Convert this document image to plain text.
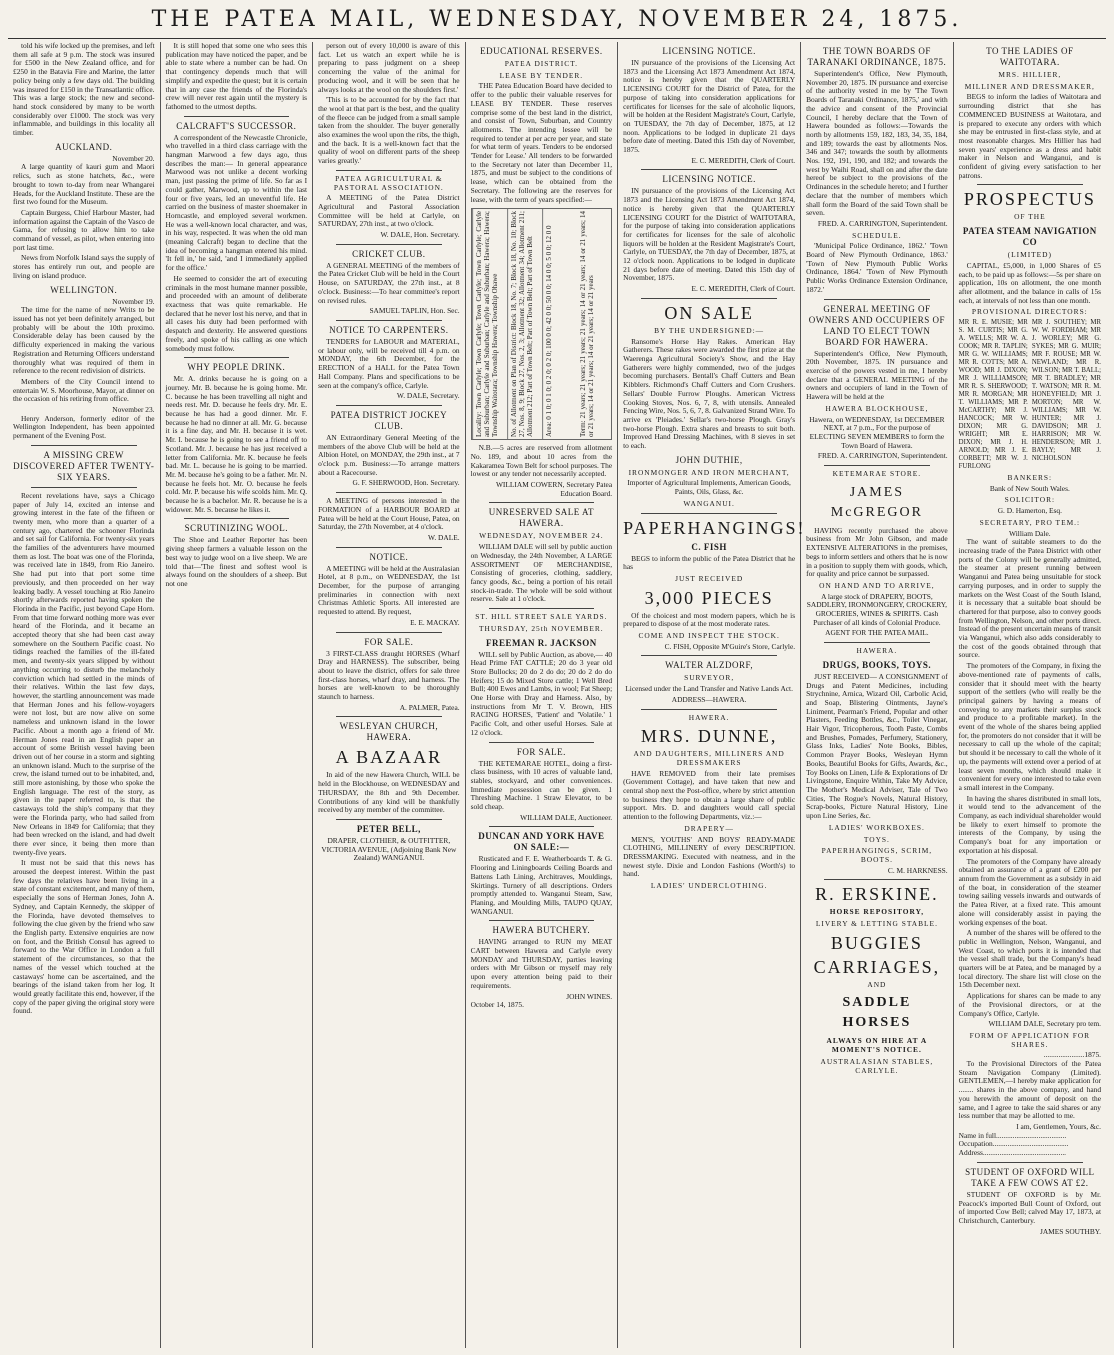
THE PATEA MAIL, WEDNESDAY, NOVEMBER 24, 1875.

told his wife locked up the premises, and left them all safe at 9 p.m. The stock was insured for £500 in the New Zealand office, and for £250 in the Batavia Fire and Marine, the latter policy being only a few days old. The building was insured for £150 in the Transatlantic office. This was a large stock; the new and second-hand stock considered by many to be worth considerably over £1000. The stock was very inflammable, and buildings in this locality all timber.

AUCKLAND.
November 20.

A large quantity of kauri gum and Maori relics, such as stone hatchets, &c., were brought to town to-day from near Whangarei Heads, for the Auckland Institute. These are the first two found for the Museum.

Captain Burgess, Chief Harbour Master, had information against the Captain of the Vasco de Gama, for refusing to allow him to take command of vessel, as pilot, when entering into port last time.

News from Norfolk Island says the supply of stores has entirely run out, and people are living on island produce.

WELLINGTON.
November 19.

The time for the name of new Writs to be issued has not yet been definitely arranged, but probably will be about the 10th proximo. Considerable delay has been caused by the difficulty experienced in making the various Registration and Returning Officers understand thoroughly what was required of them in reference to the recent redivision of districts.

Members of the City Council intend to entertain W. S. Moorhouse, Mayor, at dinner on the occasion of his retiring from office.

November 23.

Henry Anderson, formerly editor of the Wellington Independent, has been appointed permanent of the Evening Post.

A MISSING CREW DISCOVERED AFTER TWENTY-SIX YEARS.

Recent revelations have, says a Chicago paper of July 14, excited an intense and growing interest in the fate of the fifteen or twenty men, who more than a quarter of a century ago, chartered the schooner Florinda and set sail for California. For twenty-six years the families of the adventurers have mourned them as lost. The boat was one of the Florinda, was received late in 1849, from Rio Janeiro. She had put into that port some time previously, and then proceeded on her way leaking badly. A vessel touching at Rio Janeiro shortly afterwards reported having spoken the Florinda in the Pacific, just beyond Cape Horn. From that time forward nothing more was ever heard of the Florinda, and it became an accepted theory that she had been cast away somewhere on the Southern Pacific coast. No tidings reached the families of the ill-fated men, and twenty-six years slipped by without anything occurring to disturb the melancholy conviction which had settled in the minds of their relatives. Within the last few days, however, the startling announcement was made that Herman Jones and his fellow-voyagers were not lost, but are now alive on some nameless and unknown island in the lower Pacific. About a month ago a friend of Mr. Herman Jones read in an English paper an account of some British vessel having been driven out of her course in a storm and sighting an unknown island. Much to the surprise of the crew, the island turned out to be inhabited, and, still more astonishing, by those who spoke the English language. The rest of the story, as given in the paper referred to, is that the castaways told the ship's company that they were the Florinda party, who had sailed from New Orleans in 1849 for California; that they had been wrecked on the island, and had dwelt there ever since, it being then more than twenty-five years.

It must not be said that this news has aroused the deepest interest. Within the past few days the relatives have been living in a state of constant excitement, and many of them, especially the sons of Herman Jones, John A. Sydney, and Captain Kennedy, the skipper of the Florinda, have devoted themselves to following the clue given by the friend who saw the English party. Extensive enquiries are now on foot, and the British Consul has agreed to forward to the War Office in London a full statement of the circumstances, so that the names of the vessel which touched at the castaways' home can be ascertained, and the bearings of the island taken from her log. It would greatly facilitate this end, however, if the copy of the paper giving the original story were found.

It is still hoped that some one who sees this publication may have noticed the paper, and be able to state where a number can be had. On that contingency depends much that will simplify and expedite the quest; but it is certain that in any case the friends of the Florinda's crew will never rest again until the mystery is fathomed to the utmost depths.

CALCRAFT'S SUCCESSOR.

A correspondent of the Newcastle Chronicle, who travelled in a third class carriage with the hangman Marwood a few days ago, thus describes the man:— In general appearance Marwood was not unlike a decent working man, just passing the prime of life. So far as I could gather, Marwood, up to within the last four or five years, led an uneventful life. He carried on the business of master shoemaker in Horncastle, and employed several workmen. He was a well-known local character, and was, in his way, respected. It was when the old man (meaning Calcraft) began to decline that the idea of becoming a hangman entered his mind. 'It fell in,' he said, 'and I immediately applied for the office.'

He seemed to consider the art of executing criminals in the most humane manner possible, and proceeded with an amount of deliberate exactness that was quite remarkable. He declared that he never lost his nerve, and that in all cases his duty had been performed with despatch and dexterity. He answered questions freely, and spoke of his calling as one which somebody must follow.

WHY PEOPLE DRINK.

Mr. A. drinks because he is going on a journey. Mr. B. because he is going home. Mr. C. because he has been travelling all night and needs rest. Mr. D. because he feels dry. Mr. E. because he has had a good dinner. Mr. F. because he had no dinner at all. Mr. G. because it is a fine day, and Mr. H. because it is wet. Mr. I. because he is going to see a friend off to Scotland. Mr. J. because he has just received a letter from California. Mr. K. because he feels bad. Mr. L. because he is going to be married. Mr. M. because he's going to be a father. Mr. N. because he feels hot. Mr. O. because he feels cold. Mr. P. because his wife scolds him. Mr. Q. because he is a bachelor. Mr. R. because he is a widower. Mr. S. because he likes it.

SCRUTINIZING WOOL.

The Shoe and Leather Reporter has been giving sheep farmers a valuable lesson on the best way to judge wool on a live sheep. We are told that—'The finest and softest wool is always found on the shoulders of a sheep. But not one

person out of every 10,000 is aware of this fact. Let us watch an expert while he is preparing to pass judgment on a sheep concerning the value of the animal for producing wool, and it will be seen that he always looks at the wool on the shoulders first.'

'This is to be accounted for by the fact that the wool at that part is the best, and the quality of the fleece can be judged from a small sample taken from the shoulder. The buyer generally also examines the wool upon the ribs, the thigh, and the back. It is a well-known fact that the quality of wool on different parts of the sheep varies greatly.'

PATEA AGRICULTURAL & PASTORAL ASSOCIATION.

A MEETING of the Patea District Agricultural and Pastoral Association Committee will be held at Carlyle, on SATURDAY, 27th inst., at two o'clock.

W. DALE, Hon. Secretary.
CRICKET CLUB.

A GENERAL MEETING of the members of the Patea Cricket Club will be held in the Court House, on SATURDAY, the 27th inst., at 8 o'clock. Business:—To hear committee's report on revised rules.

SAMUEL TAPLIN, Hon. Sec.
NOTICE TO CARPENTERS.

TENDERS for LABOUR and MATERIAL, or labour only, will be received till 4 p.m. on MONDAY, the 6th December, for the ERECTION of a HALL for the Patea Town Hall Company. Plans and specifications to be seen at the company's office, Carlyle.

W. DALE, Secretary.
PATEA DISTRICT JOCKEY CLUB.

AN Extraordinary General Meeting of the members of the above Club will be held at the Albion Hotel, on MONDAY, the 29th inst., at 7 o'clock p.m. Business:—To arrange matters about a Racecourse.

G. F. SHERWOOD, Hon. Secretary.

A MEETING of persons interested in the FORMATION of a HARBOUR BOARD at Patea will be held at the Court House, Patea, on Saturday, the 27th November, at 4 o'clock.

W. DALE.
NOTICE.

A MEETING will be held at the Australasian Hotel, at 8 p.m., on WEDNESDAY, the 1st December, for the purpose of arranging preliminaries in connection with next Christmas Athletic Sports. All interested are requested to attend. By request,

E. E. MACKAY.
FOR SALE.

3 FIRST-CLASS draught HORSES (Wharf Dray and HARNESS). The subscriber, being about to leave the district, offers for sale three first-class horses, wharf dray, and harness. The horses are well-known to be thoroughly staunch to harness.

A. PALMER, Patea.
WESLEYAN CHURCH, HAWERA.
A BAZAAR

In aid of the new Hawera Church, WILL be held in the Blockhouse, on WEDNESDAY and THURSDAY, the 8th and 9th December. Contributions of any kind will be thankfully received by any member of the committee.

PETER BELL,

DRAPER, CLOTHIER, & OUTFITTER, VICTORIA AVENUE, (Adjoining Bank New Zealand) WANGANUI.

EDUCATIONAL RESERVES.
PATEA DISTRICT.
LEASE BY TENDER.

THE Patea Education Board have decided to offer to the public their valuable reserves for LEASE BY TENDER. These reserves comprise some of the best land in the district, and consist of Town, Suburban, and Country allotments. The intending lessee will be required to tender at per acre per year, and state for what term of years. Tenders to be endorsed 'Tender for Lease.' All tenders to be forwarded to the Secretary not later than December 11, 1875, and must be subject to the conditions of lease, which can be obtained from the Secretary. The following are the reserves for lease, with the term of years specified:—

Locality: Town Carlyle; Town Carlyle; Town Carlyle; Town Carlyle; Carlyle and Suburban; Carlyle and Suburban; Carlyle and Suburban; Hawera; Hawera; Township Waitotara; Township Hawera; Township Ohawe	No. of Allotment on Plan of District: Block 18, No. 7; Block 18, No. 10; Block 27, Nos. 8, 9; Block 27, Nos. 2, 3; Allotment 32; Allotment 34; Allotment 211; Allotment 212; Part of Town Belt; Part of Town Belt; Part of Town Belt	Area: 0 1 0; 0 1 0; 0 2 0; 0 2 0; 100 0 0; 42 0 0; 50 0 0; 14 0 0; 5 0 0; 12 0 0	Term: 21 years; 21 years; 21 years; 21 years; 14 or 21 years; 14 or 21 years; 14 or 21 years; 14 or 21 years; 14 or 21 years; 14 or 21 years

N.B.—5 acres are reserved from allotment No. 189, and about 10 acres from the Kakaramea Town Belt for school purposes. The lowest or any tender not necessarily accepted.

WILLIAM COWERN, Secretary Patea Education Board.
UNRESERVED SALE AT HAWERA.
WEDNESDAY, NOVEMBER 24.

WILLIAM DALE will sell by public auction on Wednesday, the 24th November, A LARGE ASSORTMENT OF MERCHANDISE, Consisting of groceries, clothing, saddlery, fancy goods, &c., being a portion of his retail stock-in-trade. The whole will be sold without reserve. Sale at 1 o'clock.

ST. HILL STREET SALE YARDS.
THURSDAY, 25th NOVEMBER.
FREEMAN R. JACKSON

WILL sell by Public Auction, as above,— 40 Head Prime FAT CATTLE; 20 do 3 year old Store Bullocks; 20 do 2 do do; 20 do 2 do do Heifers; 15 do Mixed Store cattle; 1 Well Bred Bull; 400 Ewes and Lambs, in wool; Fat Sheep; One Horse with Dray and Harness. Also, by instructions from Mr T. V. Brown, HIS RACING HORSES, 'Patient' and 'Volatile.' 1 Pacific Colt, and other useful Horses. Sale at 12 o'clock.

FOR SALE.

THE KETEMARAE HOTEL, doing a first-class business, with 10 acres of valuable land, stables, stockyard, and other conveniences. Immediate possession can be given. 1 Threshing Machine. 1 Straw Elevator, to be sold cheap.

WILLIAM DALE, Auctioneer.
DUNCAN AND YORK HAVE ON SALE:—

Rusticated and F. E. Weatherboards T. & G. Flooring and Liningboards Ceiling Boards and Battens Lath Lining, Architraves, Mouldings, Skirtings. Turnery of all descriptions. Orders promptly attended to. Wanganui Steam, Saw, Planing, and Moulding Mills, TAUPO QUAY, WANGANUI.

HAWERA BUTCHERY.

HAVING arranged to RUN my MEAT CART between Hawera and Carlyle every MONDAY and THURSDAY, parties leaving orders with Mr Gibson or myself may rely upon every attention being paid to their requirements.

JOHN WINES.
October 14, 1875.
LICENSING NOTICE.

IN pursuance of the provisions of the Licensing Act 1873 and the Licensing Act 1873 Amendment Act 1874, notice is hereby given that the QUARTERLY LICENSING COURT for the District of Patea, for the purpose of taking into consideration applications for certificates for licenses for the sale of alcoholic liquors, will be holden at the Resident Magistrate's Court, Carlyle, on TUESDAY, the 7th day of December, 1875, at 12 noon. Applications to be lodged in duplicate 21 days before date of meeting. Dated this 15th day of November, 1875.

E. C. MEREDITH, Clerk of Court.
LICENSING NOTICE.

IN pursuance of the provisions of the Licensing Act 1873 and the Licensing Act 1873 Amendment Act 1874, notice is hereby given that the QUARTERLY LICENSING COURT for the District of WAITOTARA, for the purpose of taking into consideration applications for certificates for licenses for the sale of alcoholic liquors will be holden at the Resident Magistrate's Court, Carlyle, on TUESDAY, the 7th day of December, 1875, at 12 o'clock noon. Applications to be lodged in duplicate 21 days before date of meeting. Dated this 15th day of November, 1875.

E. C. MEREDITH, Clerk of Court.
ON SALE
BY THE UNDERSIGNED:—

Ransome's Horse Hay Rakes. American Hay Gatherers. These rakes were awarded the first prize at the Waerenga Agricultural Society's Show, and the Hay Gatherers were highly commended, two of the judges becoming purchasers. Bentall's Chaff Cutters and Bean Kibblers. Richmond's Chaff Cutters and Corn Crushers. Sellars' Double Furrow Ploughs. American Victress Cooking Stoves, Nos. 6, 7, 8, with utensils. Annealed Fencing Wire, Nos. 5, 6, 7, 8. Galvanized Strand Wire. To arrive ex 'Pleiades.' Sellar's two-horse Plough. Gray's two-horse Plough. Extra shares and breasts to suit both. Improved Hand Dressing Machines, with 8 sieves in set to each.

JOHN DUTHIE,
IRONMONGER AND IRON MERCHANT,

Importer of Agricultural Implements, American Goods, Paints, Oils, Glass, &c.

WANGANUI.
PAPERHANGINGS!
C. FISH

BEGS to inform the public of the Patea District that he has

JUST RECEIVED
3,000 PIECES

Of the choicest and most modern papers, which he is prepared to dispose of at the most moderate rates.

COME AND INSPECT THE STOCK.
C. FISH, Opposite M'Guire's Store, Carlyle.
WALTER ALZDORF,
SURVEYOR,

Licensed under the Land Transfer and Native Lands Act.

ADDRESS—HAWERA.
HAWERA.
MRS. DUNNE,
AND DAUGHTERS, MILLINERS AND DRESSMAKERS

HAVE REMOVED from their late premises (Government Cottage), and have taken that new and central shop next the Post-office, where by strict attention to business they hope to obtain a large share of public support. Mrs. D. and daughters would call special attention to the following Departments, viz.:—

DRAPERY—

MEN'S, YOUTHS' AND BOYS' READY-MADE CLOTHING, MILLINERY of every DESCRIPTION. DRESSMAKING. Executed with neatness, and in the newest style. Dixie and London Fashions (Worth's) to hand.

LADIES' UNDERCLOTHING.
THE TOWN BOARDS OF TARANAKI ORDINANCE, 1875.

Superintendent's Office, New Plymouth, November 20, 1875. IN pursuance and exercise of the authority vested in me by 'The Town Boards of Taranaki Ordinance, 1875,' and with the advice and consent of the Provincial Council, I hereby declare that the Town of Hawera bounded as follows:—Towards the north by allotments 159, 182, 183, 34, 35, 184, and 189; towards the east by allotments Nos. 346 and 347; towards the south by allotments Nos. 192, 191, 190, and 182; and towards the west by Waihi Road, shall on and after the date hereof be subject to the provisions of the Ordinances in the schedule hereto; and I further declare that the number of members which shall form the Board of the said Town shall be seven.

FRED. A. CARRINGTON, Superintendent.
SCHEDULE.

'Municipal Police Ordinance, 1862.' 'Town Board of New Plymouth Ordinance, 1863.' 'Town of New Plymouth Public Works Ordinance, 1864.' 'Town of New Plymouth Public Works Ordinance Extension Ordinance, 1872.'

GENERAL MEETING OF OWNERS AND OCCUPIERS OF LAND TO ELECT TOWN BOARD FOR HAWERA.

Superintendent's Office, New Plymouth, 20th November, 1875. IN pursuance and exercise of the powers vested in me, I hereby declare that a GENERAL MEETING of the owners and occupiers of land in the Town of Hawera will be held at the

HAWERA BLOCKHOUSE,

Hawera, on WEDNESDAY, 1st DECEMBER NEXT, at 7 p.m., For the purpose of ELECTING SEVEN MEMBERS to form the Town Board of Hawera.

FRED. A. CARRINGTON, Superintendent.
KETEMARAE STORE.
JAMES McGREGOR

HAVING recently purchased the above business from Mr John Gibson, and made EXTENSIVE ALTERATIONS in the premises, begs to inform settlers and others that he is now in a position to supply them with goods, which, for quality and price cannot be surpassed.

ON HAND AND TO ARRIVE,

A large stock of DRAPERY, BOOTS, SADDLERY, IRONMONGERY, CROCKERY, GROCERIES, WINES & SPIRITS. Cash Purchaser of all kinds of Colonial Produce.

AGENT FOR THE PATEA MAIL.
HAWERA.
DRUGS, BOOKS, TOYS.

JUST RECEIVED— A CONSIGNMENT of Drugs and Patent Medicines, including Strychnine, Arnica, Wizard Oil, Carbolic Acid, and Soap, Blistering Ointments, Jayne's Liniment, Pearman's Friend, Popular and other Plasters, Feeding Bottles, &c., Toilet Vinegar, Hair Vigor, Tricopherous, Tooth Paste, Combs and Brushes, Pomades, Perfumery, Stationery, Glass Inks, Ladies' Note Books, Bibles, Common Prayer Books, Wesleyan Hymn Books, Beautiful Books for Gifts, Awards, &c., Toy Books on Linen, Life & Explorations of Dr Livingstone, Enquire Within, Take My Advice, The Mother's Medical Adviser, Tale of Two Cities, The Rogue's Novels, Natural History, Scrap-books, Picture Natural History, Line upon Line Series, &c.

LADIES' WORKBOXES.
TOYS.
PAPERHANGINGS, SCRIM, BOOTS.
C. M. HARKNESS.
R. ERSKINE.
HORSE REPOSITORY,
LIVERY & LETTING STABLE.
BUGGIES
CARRIAGES,
AND
SADDLE HORSES
ALWAYS ON HIRE AT A MOMENT'S NOTICE.
AUSTRALASIAN STABLES, CARLYLE.
TO THE LADIES OF WAITOTARA.
MRS. HILLIER,
MILLINER AND DRESSMAKER,

BEGS to inform the ladies of Waitotara and surrounding district that she has COMMENCED BUSINESS at Waitotara, and is prepared to execute any orders with which she may be entrusted in first-class style, and at most reasonable charges. Mrs Hillier has had seven years' experience as a dress and habit maker in Nelson and Wanganui, and is confident of giving every satisfaction to her patrons.

PROSPECTUS
OF THE
PATEA STEAM NAVIGATION CO
(LIMITED)

CAPITAL, £5,000, in 1,000 Shares of £5 each, to be paid up as follows:—5s per share on application, 10s on allotment, the one month after allotment, and the balance in calls of 15s each, at intervals of not less than one month.

PROVISIONAL DIRECTORS:
MR R. E. MUSIE; MR S. M. CURTIS; MR G. A. WELLS; MR W. A. COOK; MR R. TAPLIN; MR G. W. WILLIAMS; MR R. COTTS; MR A. WOOD; MR J. DIXON; MR J. WILLIAMSON; MR R. S. SHERWOOD; MR R. MORGAN; MR T. WILLIAMS; MR P. McCARTHY; MR J. HANCOCK; MR W. DIXON; MR G. WRIGHT; MR E. DIXON; MR J. H. ARNOLD; MR J. E. CORBETT; MR W. J. FURLONG
MR J. SOUTHEY; MR W. W. FORDHAM; MR J. WORLEY; MR G. SYKES; MR G. MUIR; MR F. ROUSE; MR W. NEWLAND; MR R. WILSON; MR T. BALL; MR T. BRADLEY; MR T. WATSON; MR R. M. HONEYFIELD; MR J. MORTON; MR W. WILLIAMS; MR W. HUNTER; MR J. DAVIDSON; MR J. HARRISON; MR W. HENDERSON; MR J. BAYLY; MR J. NICHOLSON
BANKERS:
Bank of New South Wales.
SOLICITOR:
G. D. Hamerton, Esq.
SECRETARY, PRO TEM.:
William Dale.

The want of suitable steamers to do the increasing trade of the Patea District with other ports of the Colony will be generally admitted, the steamer at present running between Wanganui and Patea being unsuitable for stock carrying purposes, and in order to supply the markets on the West Coast of the South Island, it is necessary that a suitable boat should be chartered for that purpose, also to convey goods from Wellington, Nelson, and other ports direct. Instead of the present uncertain means of transit via Wanganui, which also adds considerably to the cost of the goods obtained through that source.

The promoters of the Company, in fixing the above-mentioned rate of payments of calls, consider that it should meet with the hearty support of the settlers (who will really be the principal gainers by having a means of conveying to any markets their surplus stock and produce to a profitable market). In the event of the whole of the shares being applied for, the promoters do not consider that it will be necessary to call up the whole of the capital; but should it be necessary to call the whole of it up, the payments will extend over a period of at least seven months, which should make it convenient for every one interested to take even a small interest in the Company.

In having the shares distributed in small lots, it would tend to the advancement of the Company, as each individual shareholder would be likely to exert himself to promote the interests of the Company, by using the Company's boat for any importation or exportation at his disposal.

The promoters of the Company have already obtained an assurance of a grant of £200 per annum from the Government as a subsidy in aid of the boat, in consideration of the steamer towing sailing vessels inwards and outwards of the Patea River, at a fixed rate. This amount alone will considerably assist in paying the working expenses of the boat.

A number of the shares will be offered to the public in Wellington, Nelson, Wanganui, and West Coast, to which ports it is intended that the vessel shall trade, but the Company's head quarters will be at Patea, and be managed by a local directory. The share list will close on the 15th December next.

Applications for shares can be made to any of the Provisional directors, or at the Company's Office, Carlyle.

WILLIAM DALE, Secretary pro tem.
FORM OF APPLICATION FOR SHARES.
......................1875.

To the Provisional Directors of the Patea Steam Navigation Company (Limited). GENTLEMEN,—I hereby make application for ........ shares in the above company, and hand you herewith the amount of deposit on the same, and I agree to take the said shares or any less number that may be allotted to me.

I am, Gentlemen, Yours, &c.
Name in full......................................
Occupation.........................................
Address.............................................
STUDENT OF OXFORD WILL TAKE A FEW COWS AT £2.

STUDENT OF OXFORD is by Mr. Peacock's imported Bull Count of Oxford, out of imported Cow Bell; calved May 17, 1873, at Christchurch, Canterbury.

JAMES SOUTHBY.
